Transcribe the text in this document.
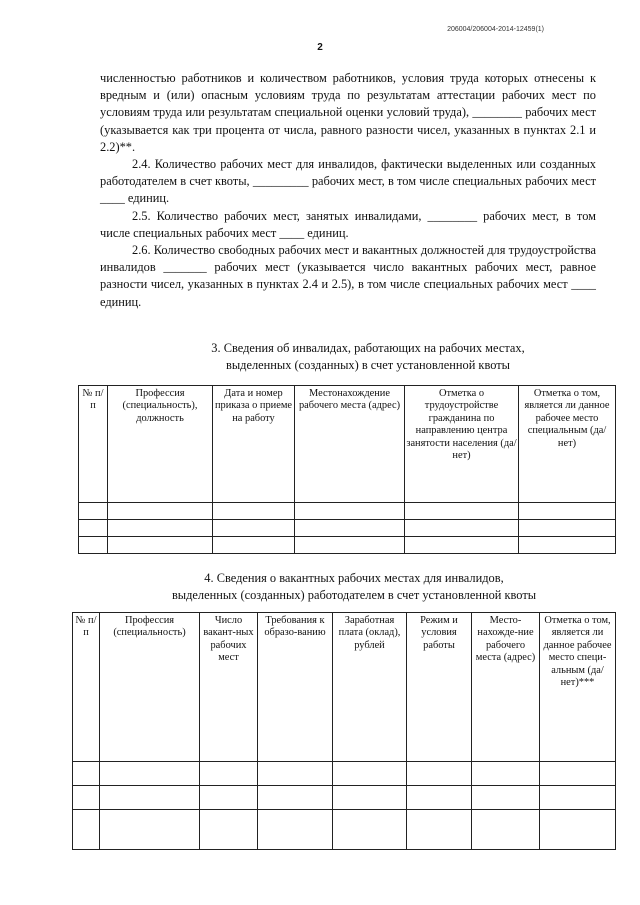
206004/206004-2014-12459(1)
2

численностью работников и количеством работников, условия труда которых отнесены к вредным и (или) опасным условиям труда по результатам аттестации рабочих мест по условиям труда или результатам специальной оценки условий труда), ________ рабочих мест (указывается как три процента от числа, равного разности чисел, указанных в пунктах 2.1 и 2.2)**.

2.4. Количество рабочих мест для инвалидов, фактически выделенных или созданных работодателем в счет квоты, _________ рабочих мест, в том числе специальных рабочих мест ____ единиц.

2.5. Количество рабочих мест, занятых инвалидами, ________ рабочих мест, в том числе специальных рабочих мест ____ единиц.

2.6. Количество свободных рабочих мест и вакантных должностей для трудоустройства инвалидов _______ рабочих мест (указывается число вакантных рабочих мест, равное разности чисел, указанных в пунктах 2.4 и 2.5), в том числе специальных рабочих мест ____ единиц.

3. Сведения об инвалидах, работающих на рабочих местах,
выделенных (созданных) в счет установленной квоты
№ п/п	Профессия (специальность), должность	Дата и номер приказа о приеме на работу	Местонахождение рабочего места (адрес)	Отметка о трудоустройстве гражданина по направлению центра занятости населения (да/нет)	Отметка о том, является ли данное рабочее место специальным (да/нет)

4. Сведения о вакантных рабочих местах для инвалидов,
выделенных (созданных) работодателем в счет установленной квоты
№ п/п	Профессия (специальность)	Число вакант-ных рабочих мест	Требования к образо-ванию	Заработная плата (оклад), рублей	Режим и условия работы	Место-нахожде-ние рабочего места (адрес)	Отметка о том, является ли данное рабочее место специ-альным (да/нет)***
